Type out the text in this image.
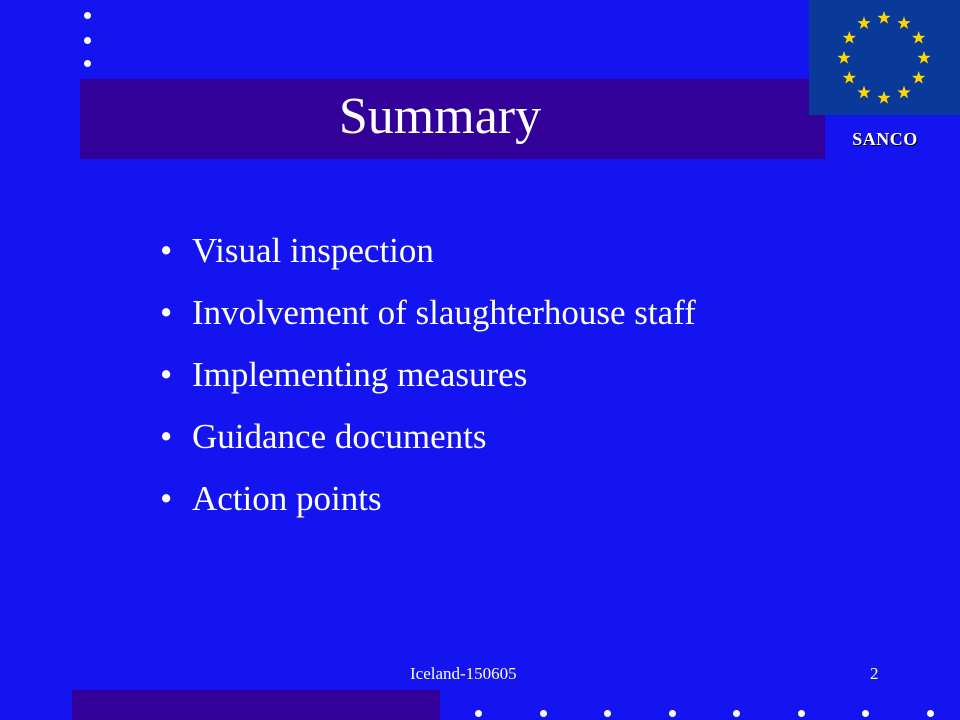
Summary	SANCO
• Visual inspection
• Involvement of slaughterhouse staff
• Implementing measures
• Guidance documents
• Action points
Iceland-150605	2
